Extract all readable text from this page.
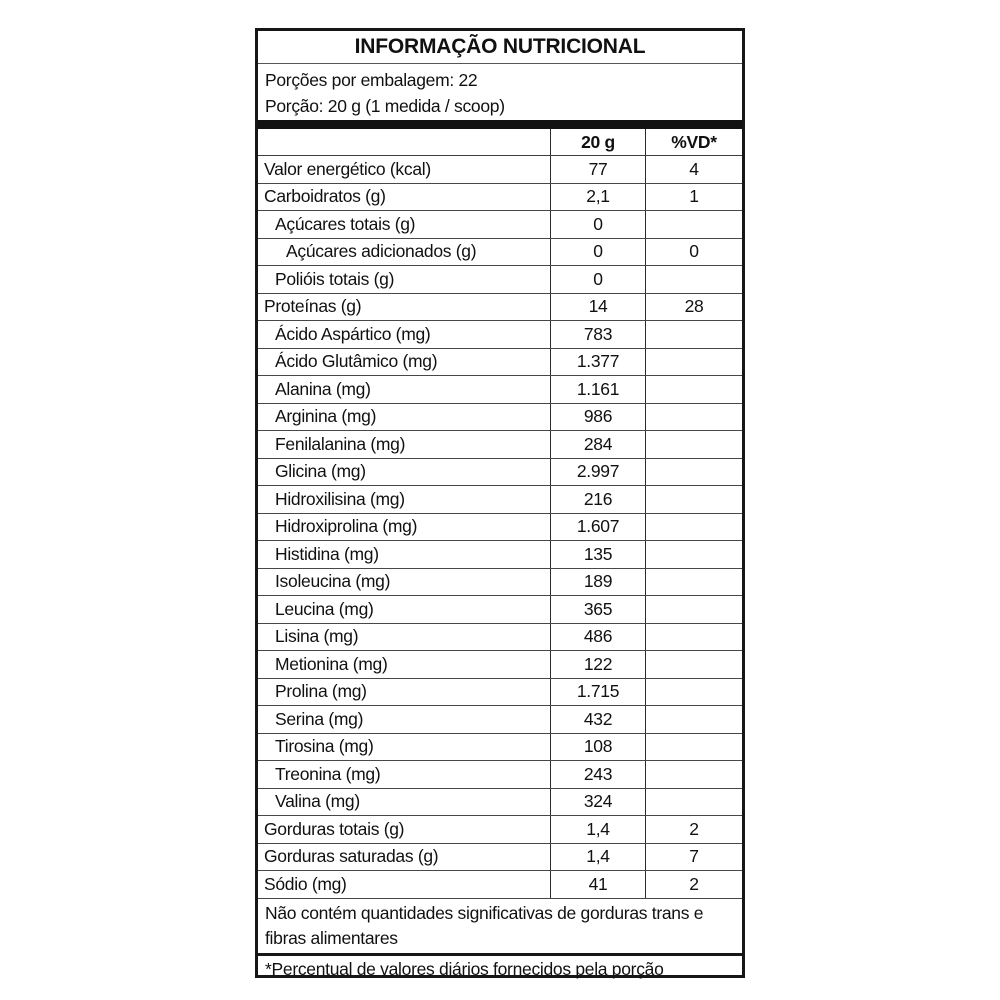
INFORMAÇÃO NUTRICIONAL
Porções por embalagem: 22
Porção: 20 g (1 medida / scoop)
20 g	%VD*
Valor energético (kcal)	77	4
Carboidratos (g)	2,1	1
Açúcares totais (g)	0
Açúcares adicionados (g)	0	0
Polióis totais (g)	0
Proteínas (g)	14	28
Ácido Aspártico (mg)	783
Ácido Glutâmico (mg)	1.377
Alanina (mg)	1.161
Arginina (mg)	986
Fenilalanina (mg)	284
Glicina (mg)	2.997
Hidroxilisina (mg)	216
Hidroxiprolina (mg)	1.607
Histidina (mg)	135
Isoleucina (mg)	189
Leucina (mg)	365
Lisina (mg)	486
Metionina (mg)	122
Prolina (mg)	1.715
Serina (mg)	432
Tirosina (mg)	108
Treonina (mg)	243
Valina (mg)	324
Gorduras totais (g)	1,4	2
Gorduras saturadas (g)	1,4	7
Sódio (mg)	41	2
Não contém quantidades significativas de gorduras trans e fibras alimentares
*Percentual de valores diários fornecidos pela porção
